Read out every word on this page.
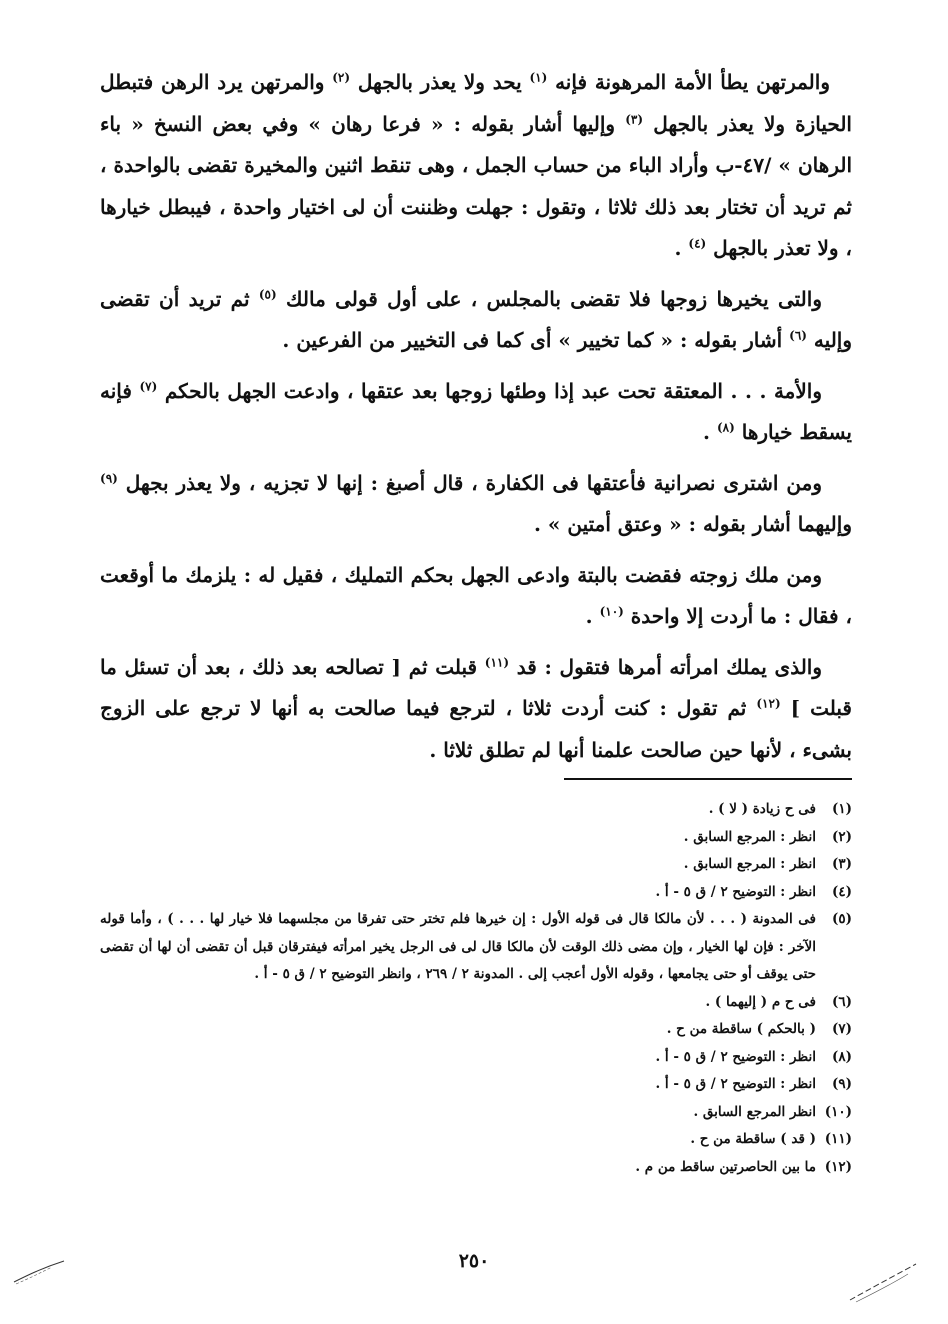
والمرتهن يطأ الأمة المرهونة فإنه $^{(١)}$ يحد ولا يعذر بالجهل $^{(٢)}$ والمرتهن يرد الرهن فتبطل الحيازة ولا يعذر بالجهل $^{(٣)}$ وإليها أشار بقوله : « فرعا رهان » وفي بعض النسخ « باء الرهان » /٤٧-ب وأراد الباء من حساب الجمل ، وهى تنقط اثنين والمخيرة تقضى بالواحدة ، ثم تريد أن تختار بعد ذلك ثلاثا ، وتقول : جهلت وظننت أن لى اختيار واحدة ، فيبطل خيارها ، ولا تعذر بالجهل $^{(٤)}$ .

والتى يخيرها زوجها فلا تقضى بالمجلس ، على أول قولى مالك $^{(٥)}$ ثم تريد أن تقضى وإليه $^{(٦)}$ أشار بقوله : « كما تخيير » أى كما فى التخيير من الفرعين .

والأمة . . . المعتقة تحت عبد إذا وطئها زوجها بعد عتقها ، وادعت الجهل بالحكم $^{(٧)}$ فإنه يسقط خيارها $^{(٨)}$ .

ومن اشترى نصرانية فأعتقها فى الكفارة ، قال أصبغ : إنها لا تجزيه ، ولا يعذر بجهل $^{(٩)}$ وإليهما أشار بقوله : « وعتق أمتين » .

ومن ملك زوجته فقضت بالبتة وادعى الجهل بحكم التمليك ، فقيل له : يلزمك ما أوقعت ، فقال : ما أردت إلا واحدة $^{(١٠)}$ .

والذى يملك امرأته أمرها فتقول : قد $^{(١١)}$ قبلت ثم [ تصالحه بعد ذلك ، بعد أن تسئل ما قبلت ] $^{(١٢)}$ ثم تقول : كنت أردت ثلاثا ، لترجع فيما صالحت به أنها لا ترجع على الزوج بشىء ، لأنها حين صالحت علمنا أنها لم تطلق ثلاثا .

(١)
فى ح زيادة ( لا ) .

(٢)
انظر : المرجع السابق .

(٣)
انظر : المرجع السابق .

(٤)
انظر : التوضيح ٢ / ق ٥ - أ .

(٥)
فى المدونة ( . . . لأن مالكا قال فى قوله الأول : إن خيرها فلم تختر حتى تفرقا من مجلسهما فلا خيار لها . . . ) ، وأما قوله الآخر : فإن لها الخيار ، وإن مضى ذلك الوقت لأن مالكا قال لى فى الرجل يخير امرأته فيفترقان قبل أن تقضى أن لها أن تقضى حتى يوقف أو حتى يجامعها ، وقوله الأول أعجب إلى . المدونة ٢ / ٢٦٩ ، وانظر التوضيح ٢ / ق ٥ - أ .

(٦)
فى ح م ( إليهما ) .

(٧)
( بالحكم ) ساقطة من ح .

(٨)
انظر : التوضيح ٢ / ق ٥ - أ .

(٩)
انظر : التوضيح ٢ / ق ٥ - أ .

(١٠)
انظر المرجع السابق .

(١١)
( قد ) ساقطة من ح .

(١٢)
ما بين الحاصرتين ساقط من م .

٢٥٠
